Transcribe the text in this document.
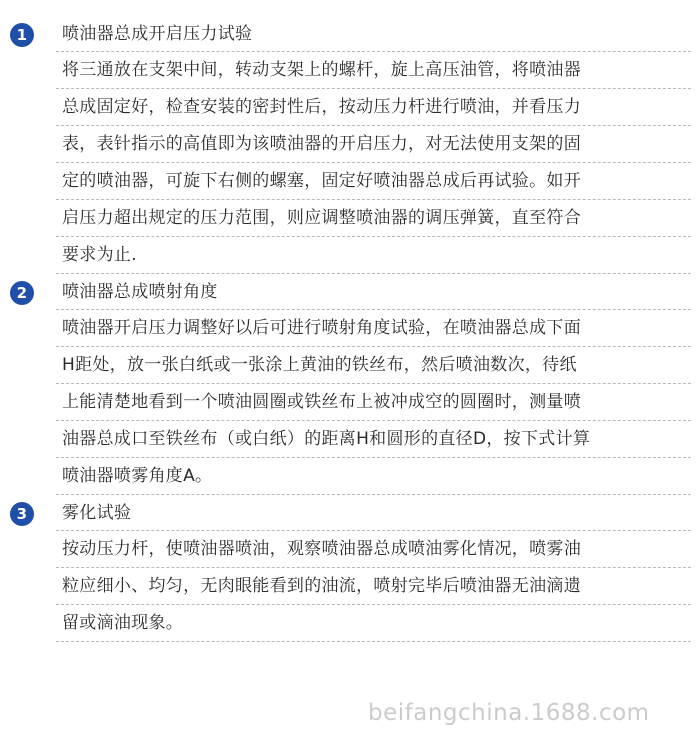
1	喷油器总成开启压力试验
将三通放在支架中间，转动支架上的螺杆，旋上高压油管，将喷油器
总成固定好，检查安装的密封性后，按动压力杆进行喷油，并看压力
表，表针指示的高值即为该喷油器的开启压力，对无法使用支架的固
定的喷油器，可旋下右侧的螺塞，固定好喷油器总成后再试验。如开
启压力超出规定的压力范围，则应调整喷油器的调压弹簧，直至符合
要求为止.
2	喷油器总成喷射角度
喷油器开启压力调整好以后可进行喷射角度试验，在喷油器总成下面
H距处，放一张白纸或一张涂上黄油的铁丝布，然后喷油数次，待纸
上能清楚地看到一个喷油圆圈或铁丝布上被冲成空的圆圈时，测量喷
油器总成口至铁丝布（或白纸）的距离H和圆形的直径D，按下式计算
喷油器喷雾角度A。
3	雾化试验
按动压力杆，使喷油器喷油，观察喷油器总成喷油雾化情况，喷雾油
粒应细小、均匀，无肉眼能看到的油流，喷射完毕后喷油器无油滴遗
留或滴油现象。
beifangchina.1688.com
